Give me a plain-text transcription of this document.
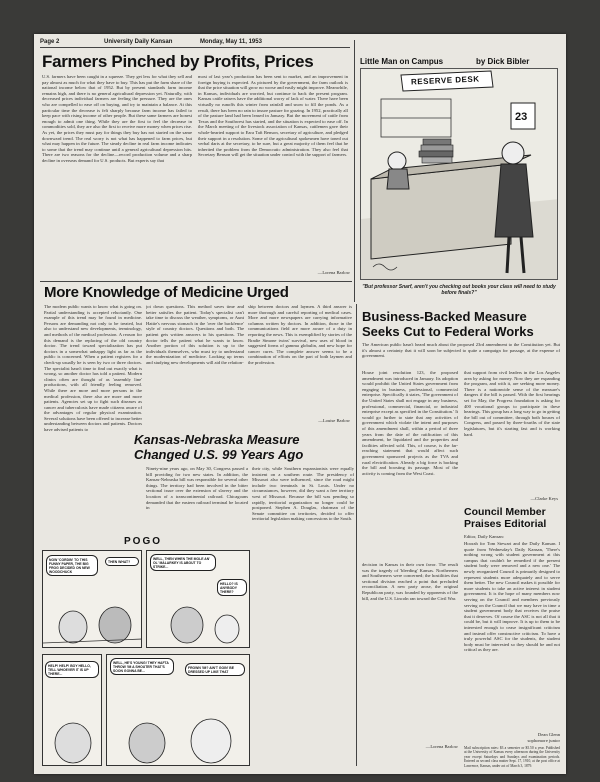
Page 2	University Daily Kansan	Monday, May 11, 1953
Farmers Pinched by Profits, Prices
U.S. farmers have been caught in a squeeze. They get less for what they sell and pay almost as much for what they have to buy. This has put the farm share of the national income below that of 1952. But by present standards farm income remains high, and there is no general agricultural depression yet. Naturally, with decreased prices individual farmers are feeling the pressure. They are the ones who are compelled to ease off on buying, and try to maintain a balance. At this particular time the decrease is felt sharply because farm income has failed to keep pace with rising income of other people. But these same farmers are honest enough to admit one thing. While they are the first to feel the decrease in commodities sold, they are also the first to receive more money when prices rise. As yet, the prices they must pay for things they buy has not started on the same downward trend. The real worry is not what has happened to farm prices, but what may happen in the future. The steady decline in real farm income indicates to some that the trend may continue until a general agricultural depression hits. There are two reasons for the decline—record production volume and a sharp decline in overseas demand for U.S. products. But experts say that
most of last year's production has been sent to market, and an improvement in foreign buying is expected. As pictured by the government, the farm outlook is that the price situation will grow no worse and easily might improve. Meanwhile, in Kansas, individuals are worried, but continue to back the present program. Kansas cattle raisers have the additional worry of lack of water. There have been virtually no runoffs this winter from rainfall and snow to fill the ponds. As a result, there has been no rain to insure pasture for grazing. In 1952, practically all of the pasture land had been leased in January. But the movement of cattle from Texas and the Southwest has started, and the situation is expected to ease off. In the March meeting of the livestock association of Kansas, cattlemen gave their whole-hearted support to Ezra Taft Benson, secretary of agriculture, and pledged their support in a resolution. Some of the agricultural spokesmen have toned out verbal darts at the secretary, to be sure, but a great majority of them feel that he inherited the problem from the Democratic administration. They also feel that Secretary Benson will get the situation under control with the support of farmers.
—Lorena Barlow
Little Man on Campus	by Dick Bibler
RESERVE DESK
23
"But professor Snarf, aren't you checking out books your class will need to study before finals?"
More Knowledge of Medicine Urged
The modern public wants to know what is going on. Partial understanding is accepted reluctantly. One example of this trend may be found in medicine. Persons are demanding not only to be treated, but also to understand new developments, terminology, and methods of the medical profession. A reason for this demand is the replacing of the old country doctor. The trend toward specialization has put doctors in a somewhat unhappy light as far as the public is concerned. When a patient registers for a check-up usually he is seen by two or three doctors. The specialist hasn't time to find out exactly what is wrong, so another doctor has told a patient. Modern clinics often are thought of as 'assembly line' productions, with all friendly feeling removed. While there are more and more persons in the medical profession, there also are more and more patients. Agencies set up to fight such diseases as cancer and tuberculosis have made citizens aware of the advantages of regular physical examination. Several solutions have been offered to increase better understanding between doctors and patients. Doctors have advised patients to
jot down questions. This method saves time and better satisfies the patient. Today's specialist can't take time to discuss the weather, symptoms, or Aunt Hattie's nervous stomach in the 'over the backfence' style of country doctors. Questions and both. The patient gets written answers to his questions. The doctor tells the patient what he wants to know. Another portion of this solution is up to the individuals themselves, who must try to understand the modernization of medicine. Looking up terms and studying new developments will aid the relation-
ship between doctors and laymen. A third answer is more thorough and careful reporting of medical cases. More and more newspapers are carrying informative columns written by doctors. In addition, those in the communications field are more aware of a duty in reporting the news. This is exemplified by stories of the Bradie Simone twins' survival, new uses of blood in suggested forms of gamma globulin, and new hope for cancer cures. The complete answer seems to be a combination of efforts on the part of both laymen and the profession.
—Louise Barlow
Kansas-Nebraska Measure Changed U.S. 99 Years Ago
Ninety-nine years ago, on May 30, Congress passed a bill providing for two new states. In addition, the Kansas-Nebraska bill was responsible for several other things. The territory had been involved in the bitter sectional issue over the extension of slavery and the location of a transcontinental railroad. Chicagoans demanded that the eastern railroad terminal be located in
their city, while Southern expansionists were equally insistent on a southern route. The presidency of Missouri also were influenced, since the road might include two terminals in St. Louis. Under no circumstances, however, did they want a free territory west of Missouri. Because the bill was pending so rapidly, territorial organization no longer could be postponed. Stephen A. Douglas, chairman of the Senate committee on territories, decided to offer territorial legislation making concessions to the South.
POGO
NOW 'CORDIN' TO THIS FUNNY PAPER, THE BIG FROG DECIDED ON NEW WOODCHUCK
THEN WHAT?
WELL, THEN WHEN THE MOLE AN' OL' MALARKEY IS ABOUT TO STRIKE...
HELLO? IS ANYBODY THERE?
HELP! HELP! BOY HELLO, TELL WHOEVER IT IS UP THERE...
WELL, HE'S YOUNG! THEY HAFTA THROW 'IM A SHOUTER THAT'S SOON GONNA BE...
FROWN 'IM? AIN'T GOIN' BE DRESSED UP LIKE THAT
Business-Backed Measure Seeks Cut to Federal Works
The American public hasn't heard much about the proposed 23rd amendment to the Constitution yet. But it's almost a certainty that it will soon be subjected to quite a campaign for passage, at the expense of government.
House joint resolution 123, the proposed amendment was introduced in January. Its adoption would prohibit the United States government from engaging in business, professional, commercial enterprise. Specifically it states, 'The government of the United States shall not engage in any business, professional, commercial, financial, or industrial enterprise except as specified in the Constitution.' It would go further to state that any activities of government which violate the intent and purposes of this amendment shall, within a period of three years from the date of the ratification of this amendment, be liquidated and the properties and facilities affected sold. This, of course, is the far-reaching statement that would affect such government sponsored projects as the TVA and rural electrification. Already a big force is backing the bill and boosting its passage. Most of the activity is coming from the West Coast.
that support from civil leaders in the Los Angeles area by asking for money. Now they are expanding the program, and with it, are seeking more money. There is a nationwide sense of the measure's dangers if the bill is passed. With the first hearings set for May, the Progress foundation is asking for 400 vocational groups to participate in these hearings. This group has a long way to go in getting the bill out of committee, through both houses of Congress, and passed by three-fourths of the state legislatures, but it's starting fast and is working hard.
—Clarke Keys
Council Member Praises Editorial
Editor, Daily Kansan:
Hoorah for Tom Stewart and the Daily Kansan. I quote from Wednesday's Daily Kansan, 'There's nothing wrong with student government at this campus that couldn't be remedied if the present student body were removed and a new one.' The newly reorganized Council is primarily designed to represent students more adequately and to serve them better. The new Council makes it possible for more students to take an active interest in student government. It is the hope of many members now serving on the Council and members previously serving on the Council that we may have in time a student government body that receives the praise that it deserves. Of course the ASC is not all that it could be, but it will improve. It is up to them to be interested enough to cease insignificant criticism and instead offer constructive criticism. To have a truly powerful ASC for the students, the student body must be interested so they should be and not critical as they are.
Dean Glenn
sophomore junior
decision in Kansas in their own favor. The result was the tragedy of 'bleeding' Kansas. Northerners and Southerners were concerned; the hostilities that sectional division reached a point that precluded reconciliation. A new party arose, the original Republican party, was founded by opponents of the bill, and the U.S. Lincoln ran toward the Civil War.
—Lorena Barlow Mail subscription rates: $3 a semester or $5.50 a year. Published at the University of Kansas every afternoon during the University year except Saturdays and Sundays and examination periods. Entered as second class matter Sept. 17, 1910, at the post office at Lawrence, Kansas, under act of March 3, 1879.
